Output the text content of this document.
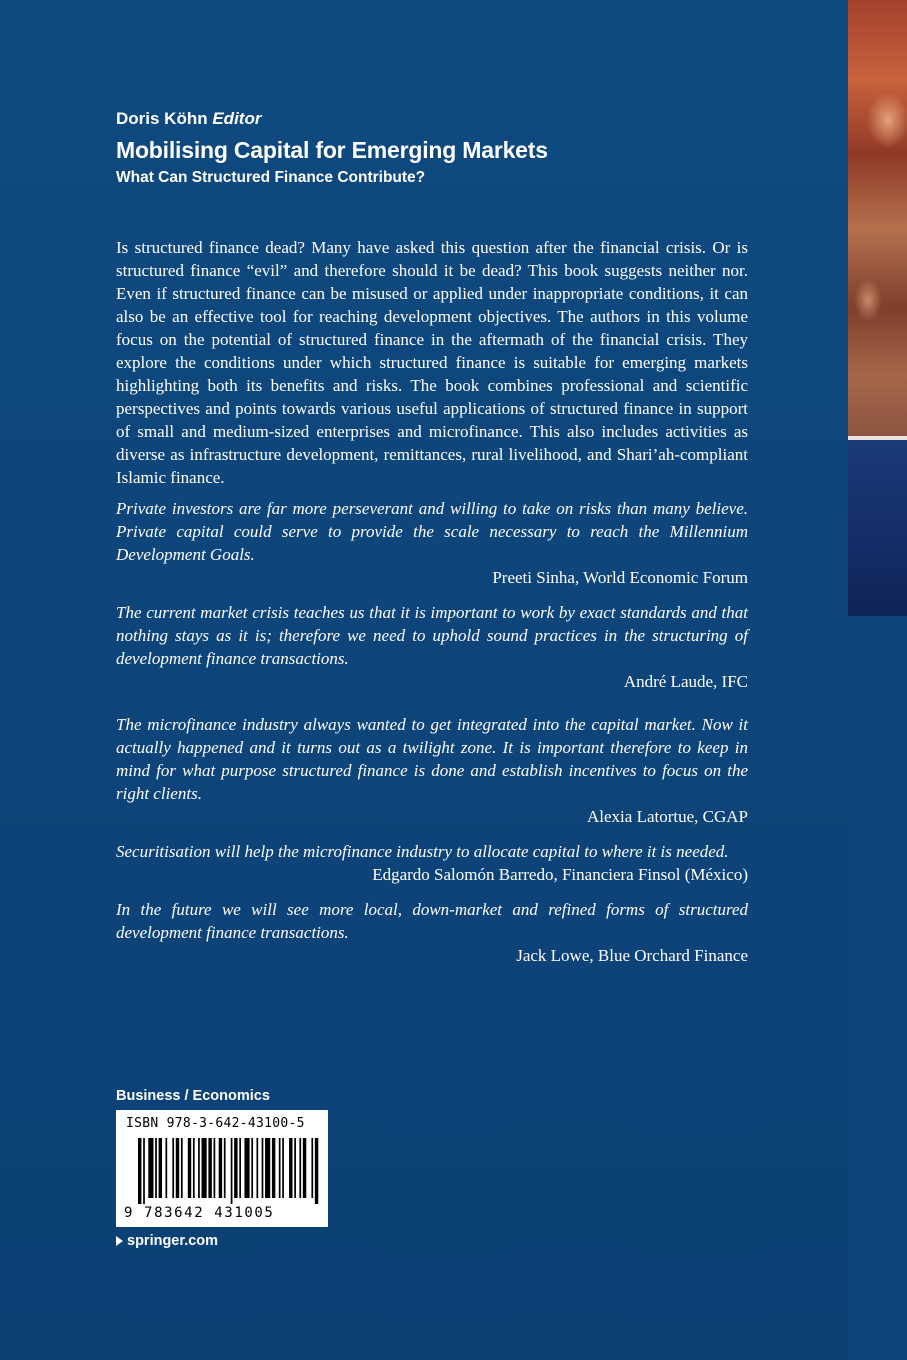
Doris Köhn Editor
Mobilising Capital for Emerging Markets
What Can Structured Finance Contribute?

Is structured finance dead? Many have asked this question after the financial crisis. Or is structured finance “evil” and therefore should it be dead? This book suggests neither nor. Even if structured finance can be misused or applied under inappropriate conditions, it can also be an effective tool for reaching development objectives. The authors in this volume focus on the potential of structured finance in the aftermath of the financial crisis. They explore the conditions under which structured finance is suitable for emerging markets highlighting both its benefits and risks. The book combines professional and scientific perspectives and points towards various useful applications of structured finance in support of small and medium-sized enterprises and microfinance. This also includes activities as diverse as infrastructure development, remittances, rural livelihood, and Shari’ah-compliant Islamic finance.

Private investors are far more perseverant and willing to take on risks than many believe. Private capital could serve to provide the scale necessary to reach the Millennium Development Goals.

Preeti Sinha, World Economic Forum

The current market crisis teaches us that it is important to work by exact standards and that nothing stays as it is; therefore we need to uphold sound practices in the structuring of development finance transactions.

André Laude, IFC

The microfinance industry always wanted to get integrated into the capital market. Now it actually happened and it turns out as a twilight zone. It is important therefore to keep in mind for what purpose structured finance is done and establish incentives to focus on the right clients.

Alexia Latortue, CGAP

Securitisation will help the microfinance industry to allocate capital to where it is needed.

Edgardo Salomón Barredo, Financiera Finsol (México)

In the future we will see more local, down-market and refined forms of structured development finance transactions.

Jack Lowe, Blue Orchard Finance

Business / Economics
ISBN 978-3-642-43100-5
9 783642 431005
springer.com
